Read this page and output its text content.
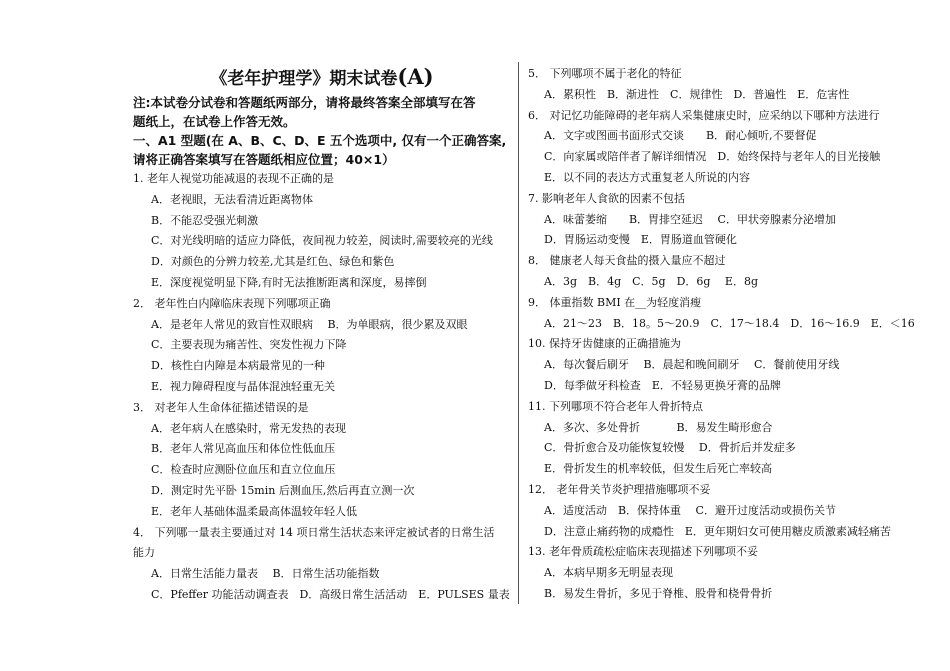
《老年护理学》期末试卷(A)
注:本试卷分试卷和答题纸两部分，请将最终答案全部填写在答
题纸上，在试卷上作答无效。
一、A1 型题(在 A、B、C、D、E 五个选项中, 仅有一个正确答案,
请将正确答案填写在答题纸相应位置；40×1）
1. 老年人视觉功能减退的表现不正确的是
A．老视眼，无法看清近距离物体
B．不能忍受强光刺激
C．对光线明暗的适应力降低，夜间视力较差，阅读时,需要较亮的光线
D．对颜色的分辨力较差,尤其是红色、绿色和紫色
E．深度视觉明显下降,有时无法推断距离和深度，易摔倒
2． 老年性白内障临床表现下列哪项正确
A．是老年人常见的致盲性双眼病　 B．为单眼病，很少累及双眼
C．主要表现为痛苦性、突发性视力下降
D．核性白内障是本病最常见的一种
E．视力障碍程度与晶体混浊轻重无关
3． 对老年人生命体征描述错误的是
A．老年病人在感染时，常无发热的表现
B．老年人常见高血压和体位性低血压
C．检查时应测卧位血压和直立位血压
D．测定时先平卧 15min 后测血压,然后再直立测一次
E．老年人基础体温柔最高体温较年轻人低
4． 下列哪一量表主要通过对 14 项日常生活状态来评定被试者的日常生活
能力
A．日常生活能力量表　 B．日常生活功能指数
C．Pfeffer 功能活动调查表　D．高级日常生活活动　E．PULSES 量表
5． 下列哪项不属于老化的特征
A．累积性　B．渐进性　C．规律性　D．普遍性　E．危害性
6． 对记忆功能障碍的老年病人采集健康史时，应采纳以下哪种方法进行
A．文字或图画书面形式交谈　　B．耐心倾听,不要督促
C．向家属或陪伴者了解详细情况　D．始终保持与老年人的目光接触
E．以不同的表达方式重复老人所说的内容
7. 影响老年人食欲的因素不包括
A．味蕾萎缩　　B．胃排空延迟　 C．甲状旁腺素分泌增加
D．胃肠运动变慢　E．胃肠道血管硬化
8． 健康老人每天食盐的摄入量应不超过
A．3g　B．4g　C．5g　D．6g　 E．8g
9． 体重指数 BMI 在__为轻度消瘦
A．21～23　B．18。5～20.9　C．17～18.4　D．16～16.9　E．＜16
10. 保持牙齿健康的正确措施为
A．每次餐后刷牙　 B．晨起和晚间刷牙　 C．餐前使用牙线
D．每季做牙科检查　E．不轻易更换牙膏的品牌
11. 下列哪项不符合老年人骨折特点
A．多次、多处骨折　　　 B．易发生畸形愈合
C．骨折愈合及功能恢复较慢　 D．骨折后并发症多
E．骨折发生的机率较低，但发生后死亡率较高
12． 老年骨关节炎护理措施哪项不妥
A．适度活动　B．保持体重　 C．避开过度活动或损伤关节
D．注意止痛药物的成瘾性　E．更年期妇女可使用糖皮质激素减轻痛苦
13. 老年骨质疏松症临床表现描述下列哪项不妥
A．本病早期多无明显表现
B．易发生骨折，多见于脊椎、股骨和桡骨骨折
